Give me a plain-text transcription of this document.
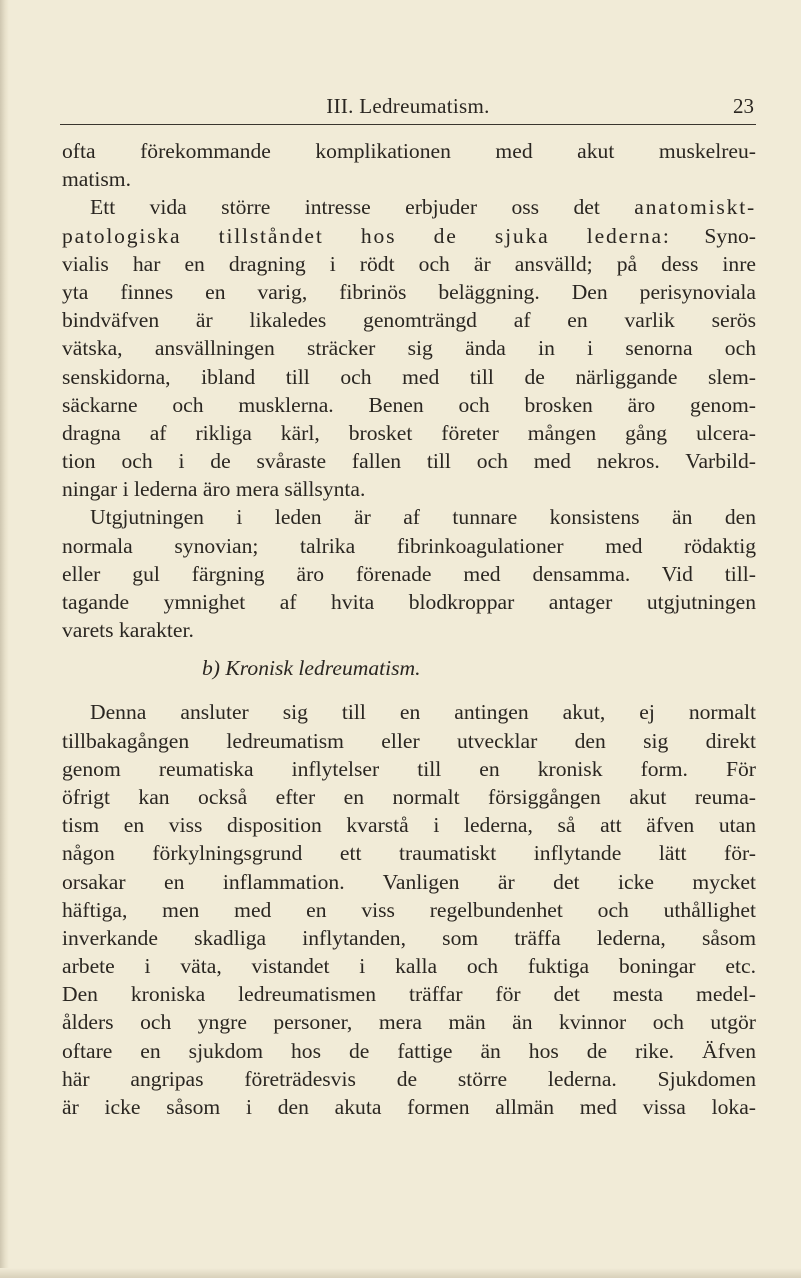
III. Ledreumatism.	23
ofta förekommande komplikationen med akut muskelreu-
matism.
Ett vida större intresse erbjuder oss det anatomiskt-
patologiska tillståndet hos de sjuka lederna: Syno-
vialis har en dragning i rödt och är ansvälld; på dess inre
yta finnes en varig, fibrinös beläggning. Den perisynoviala
bindväfven är likaledes genomträngd af en varlik serös
vätska, ansvällningen sträcker sig ända in i senorna och
senskidorna, ibland till och med till de närliggande slem-
säckarne och musklerna. Benen och brosken äro genom-
dragna af rikliga kärl, brosket företer mången gång ulcera-
tion och i de svåraste fallen till och med nekros. Varbild-
ningar i lederna äro mera sällsynta.
Utgjutningen i leden är af tunnare konsistens än den
normala synovian; talrika fibrinkoagulationer med rödaktig
eller gul färgning äro förenade med densamma. Vid till-
tagande ymnighet af hvita blodkroppar antager utgjutningen
varets karakter.
b) Kronisk ledreumatism.
Denna ansluter sig till en antingen akut, ej normalt
tillbakagången ledreumatism eller utvecklar den sig direkt
genom reumatiska inflytelser till en kronisk form. För
öfrigt kan också efter en normalt försiggången akut reuma-
tism en viss disposition kvarstå i lederna, så att äfven utan
någon förkylningsgrund ett traumatiskt inflytande lätt för-
orsakar en inflammation. Vanligen är det icke mycket
häftiga, men med en viss regelbundenhet och uthållighet
inverkande skadliga inflytanden, som träffa lederna, såsom
arbete i väta, vistandet i kalla och fuktiga boningar etc.
Den kroniska ledreumatismen träffar för det mesta medel-
ålders och yngre personer, mera män än kvinnor och utgör
oftare en sjukdom hos de fattige än hos de rike. Äfven
här angripas företrädesvis de större lederna. Sjukdomen
är icke såsom i den akuta formen allmän med vissa loka-
